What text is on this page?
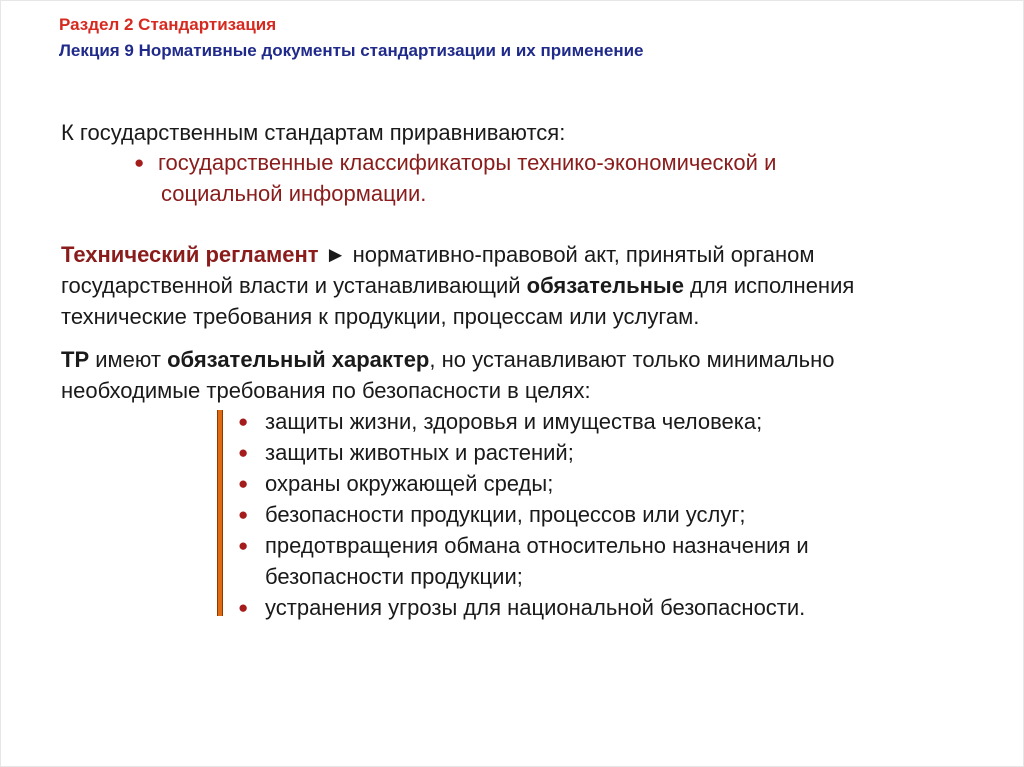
Раздел 2 Стандартизация
Лекция 9 Нормативные документы стандартизации и их применение
К государственным стандартам приравниваются:
● государственные классификаторы технико-экономической и
социальной информации.
Технический регламент ► нормативно-правовой акт, принятый органом
государственной власти и устанавливающий обязательные для исполнения
технические требования к продукции, процессам или услугам.
ТР имеют обязательный характер, но устанавливают только минимально
необходимые требования по безопасности в целях:
● защиты жизни, здоровья и имущества человека;
● защиты животных и растений;
● охраны окружающей среды;
● безопасности продукции, процессов или услуг;
● предотвращения обмана относительно назначения и
безопасности продукции;
● устранения угрозы для национальной безопасности.
